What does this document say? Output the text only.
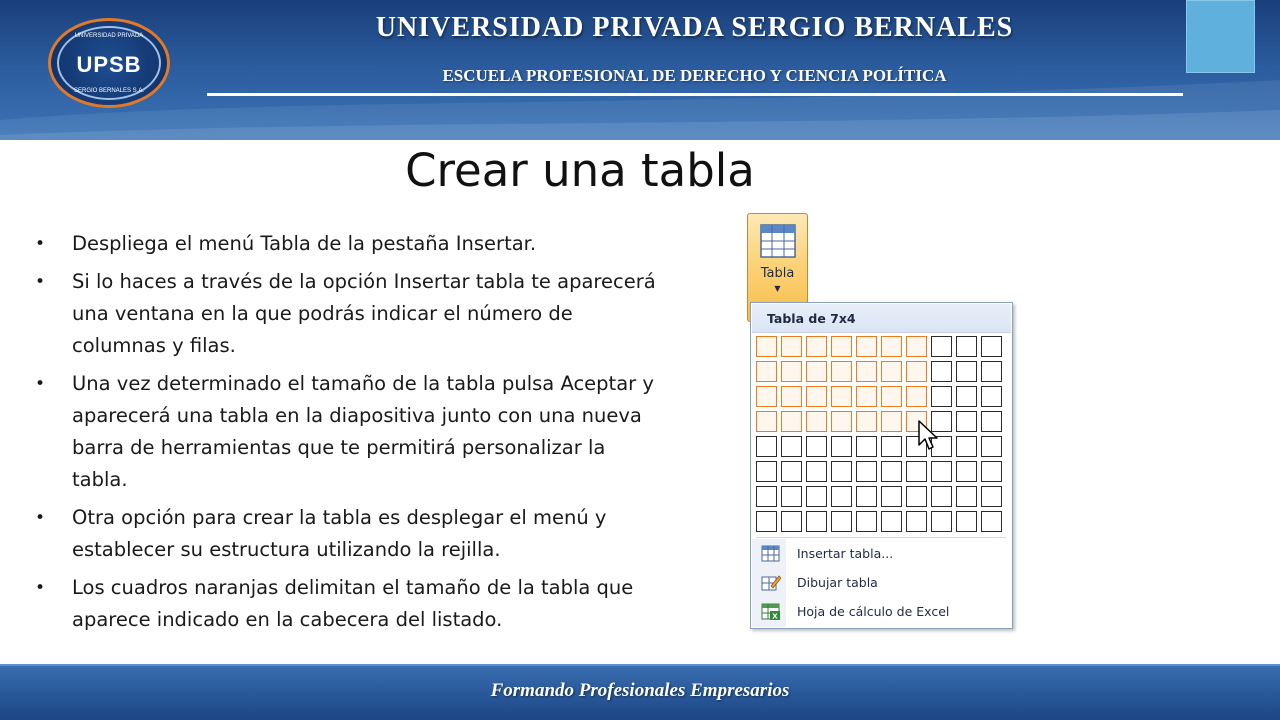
UNIVERSIDAD PRIVADA
UPSB
SERGIO BERNALES S.A.
UNIVERSIDAD PRIVADA SERGIO BERNALES
ESCUELA PROFESIONAL DE DERECHO Y CIENCIA POLÍTICA
Crear una tabla
• Despliega el menú Tabla de la pestaña Insertar.
• Si lo haces a través de la opción Insertar tabla te aparecerá una ventana en la que podrás indicar el número de columnas y filas.
• Una vez determinado el tamaño de la tabla pulsa Aceptar y aparecerá una tabla en la diapositiva junto con una nueva barra de herramientas que te permitirá personalizar la tabla.
• Otra opción para crear la tabla es desplegar el menú y establecer su estructura utilizando la rejilla.
• Los cuadros naranjas delimitan el tamaño de la tabla que aparece indicado en la cabecera del listado.
Tabla
▼
Tabla de 7x4
Insertar tabla...
Dibujar tabla
X Hoja de cálculo de Excel
Formando Profesionales Empresarios
